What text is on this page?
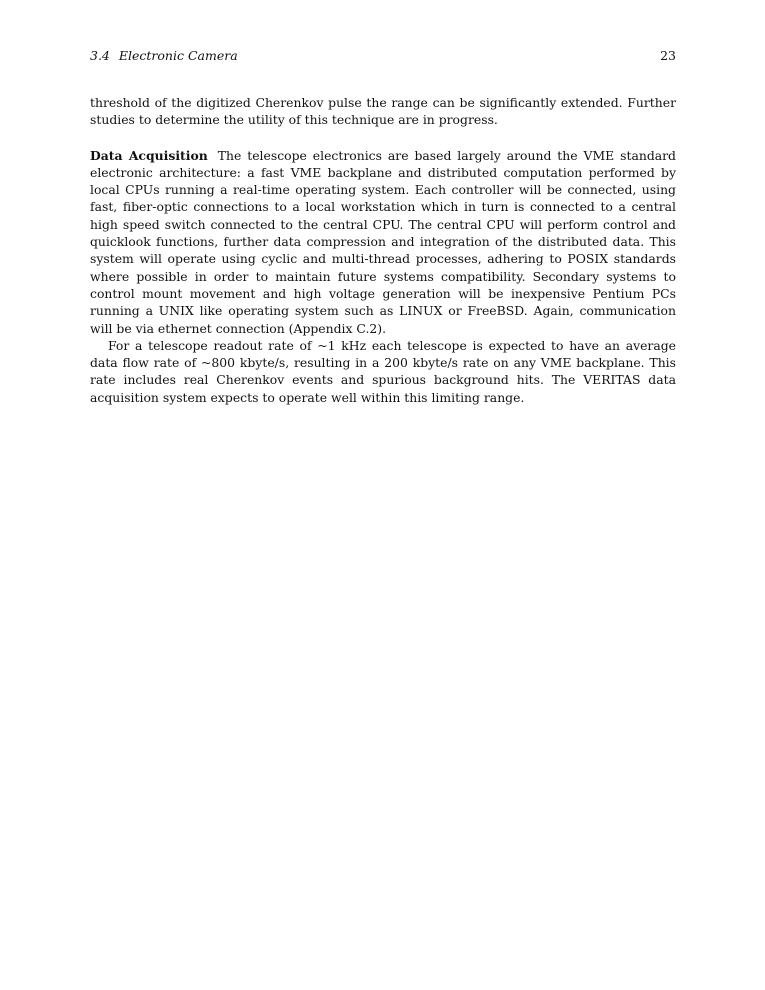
3.4 Electronic Camera	23

threshold of the digitized Cherenkov pulse the range can be significantly extended. Further studies to determine the utility of this technique are in progress.

Data Acquisition The telescope electronics are based largely around the VME standard electronic architecture: a fast VME backplane and distributed computation performed by local CPUs running a real-time operating system. Each controller will be connected, using fast, fiber-optic connections to a local workstation which in turn is connected to a central high speed switch connected to the central CPU. The central CPU will perform control and quicklook functions, further data compression and integration of the distributed data. This system will operate using cyclic and multi-thread processes, adhering to POSIX standards where possible in order to maintain future systems compatibility. Secondary systems to control mount movement and high voltage generation will be inexpensive Pentium PCs running a UNIX like operating system such as LINUX or FreeBSD. Again, communication will be via ethernet connection (Appendix C.2).

For a telescope readout rate of ~1 kHz each telescope is expected to have an average data flow rate of ~800 kbyte/s, resulting in a 200 kbyte/s rate on any VME backplane. This rate includes real Cherenkov events and spurious background hits. The VERITAS data acquisition system expects to operate well within this limiting range.
